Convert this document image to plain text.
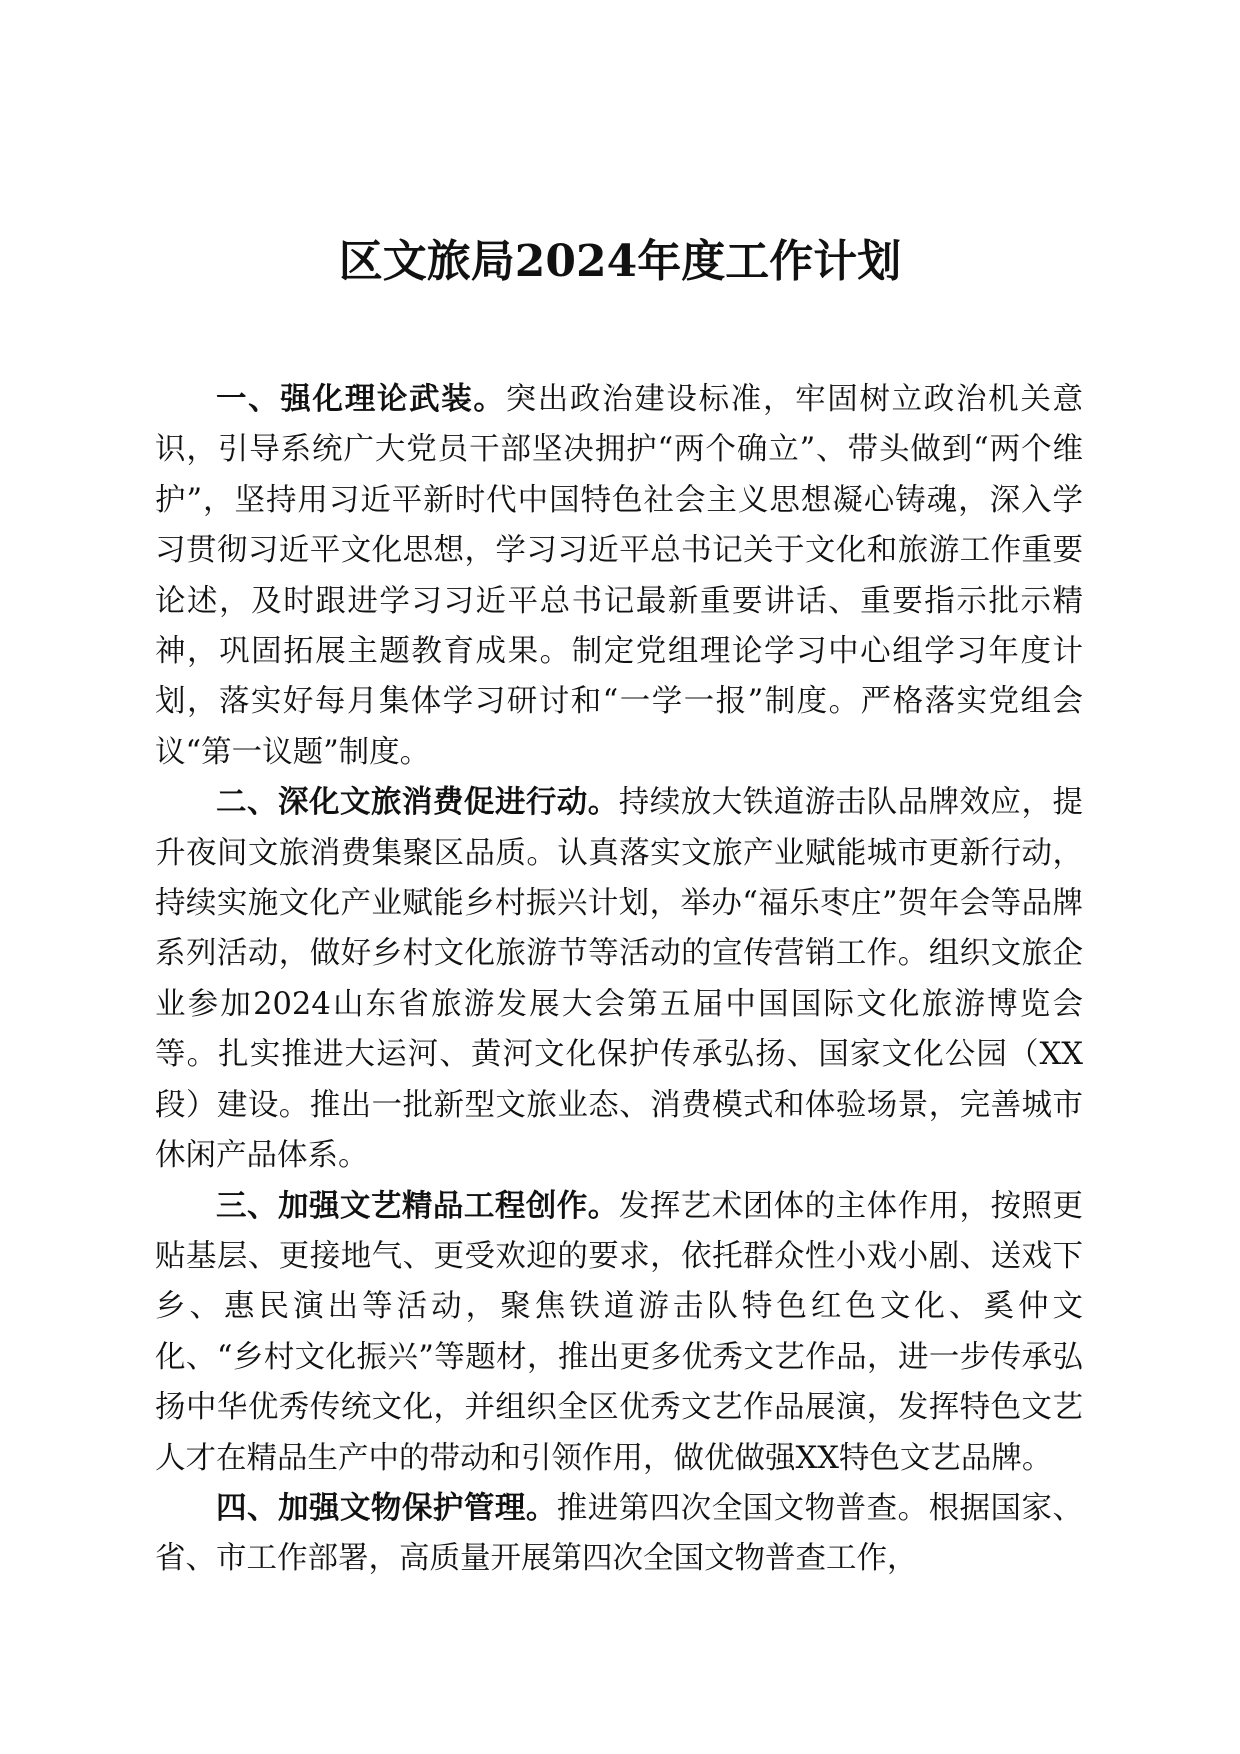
区文旅局2024年度工作计划

一、强化理论武装。突出政治建设标准，牢固树立政治机关意识，引导系统广大党员干部坚决拥护“两个确立”、带头做到“两个维护”，坚持用习近平新时代中国特色社会主义思想凝心铸魂，深入学习贯彻习近平文化思想，学习习近平总书记关于文化和旅游工作重要论述，及时跟进学习习近平总书记最新重要讲话、重要指示批示精神，巩固拓展主题教育成果。制定党组理论学习中心组学习年度计划，落实好每月集体学习研讨和“一学一报”制度。严格落实党组会议“第一议题”制度。

二、深化文旅消费促进行动。持续放大铁道游击队品牌效应，提升夜间文旅消费集聚区品质。认真落实文旅产业赋能城市更新行动，持续实施文化产业赋能乡村振兴计划，举办“福乐枣庄”贺年会等品牌系列活动，做好乡村文化旅游节等活动的宣传营销工作。组织文旅企业参加2024山东省旅游发展大会第五届中国国际文化旅游博览会等。扎实推进大运河、黄河文化保护传承弘扬、国家文化公园（XX段）建设。推出一批新型文旅业态、消费模式和体验场景，完善城市休闲产品体系。

三、加强文艺精品工程创作。发挥艺术团体的主体作用，按照更贴基层、更接地气、更受欢迎的要求，依托群众性小戏小剧、送戏下乡、惠民演出等活动，聚焦铁道游击队特色红色文化、奚仲文化、“乡村文化振兴”等题材，推出更多优秀文艺作品，进一步传承弘扬中华优秀传统文化，并组织全区优秀文艺作品展演，发挥特色文艺人才在精品生产中的带动和引领作用，做优做强XX特色文艺品牌。

四、加强文物保护管理。推进第四次全国文物普查。根据国家、省、市工作部署，高质量开展第四次全国文物普查工作，
